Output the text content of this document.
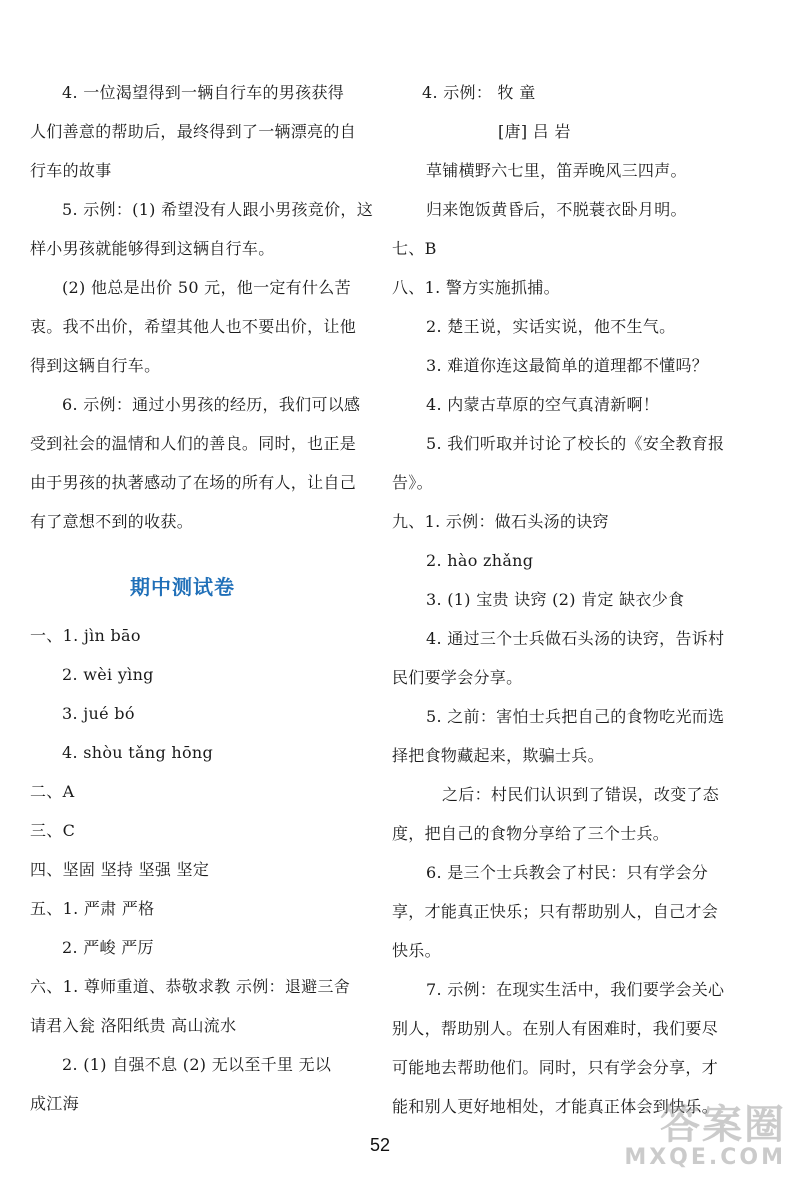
4. 一位渴望得到一辆自行车的男孩获得
人们善意的帮助后，最终得到了一辆漂亮的自
行车的故事
5. 示例：(1) 希望没有人跟小男孩竞价，这
样小男孩就能够得到这辆自行车。
(2) 他总是出价 50 元，他一定有什么苦
衷。我不出价，希望其他人也不要出价，让他
得到这辆自行车。
6. 示例：通过小男孩的经历，我们可以感
受到社会的温情和人们的善良。同时，也正是
由于男孩的执著感动了在场的所有人，让自己
有了意想不到的收获。
期中测试卷
一、1. jìn bāo
2. wèi yìng
3. jué bó
4. shòu tǎng hōng
二、A
三、C
四、坚固 坚持 坚强 坚定
五、1. 严肃 严格
2. 严峻 严厉
六、1. 尊师重道、恭敬求教 示例：退避三舍
请君入瓮 洛阳纸贵 高山流水
2. (1) 自强不息 (2) 无以至千里 无以
成江海
4. 示例： 牧 童
[唐] 吕 岩
草铺横野六七里，笛弄晚风三四声。
归来饱饭黄昏后，不脱蓑衣卧月明。
七、B
八、1. 警方实施抓捕。
2. 楚王说，实话实说，他不生气。
3. 难道你连这最简单的道理都不懂吗？
4. 内蒙古草原的空气真清新啊！
5. 我们听取并讨论了校长的《安全教育报
告》。
九、1. 示例：做石头汤的诀窍
2. hào zhǎng
3. (1) 宝贵 诀窍 (2) 肯定 缺衣少食
4. 通过三个士兵做石头汤的诀窍，告诉村
民们要学会分享。
5. 之前：害怕士兵把自己的食物吃光而选
择把食物藏起来，欺骗士兵。
之后：村民们认识到了错误，改变了态
度，把自己的食物分享给了三个士兵。
6. 是三个士兵教会了村民：只有学会分
享，才能真正快乐；只有帮助别人，自己才会
快乐。
7. 示例：在现实生活中，我们要学会关心
别人，帮助别人。在别人有困难时，我们要尽
可能地去帮助他们。同时，只有学会分享，才
能和别人更好地相处，才能真正体会到快乐。
52	答案圈
MXQE.COM
